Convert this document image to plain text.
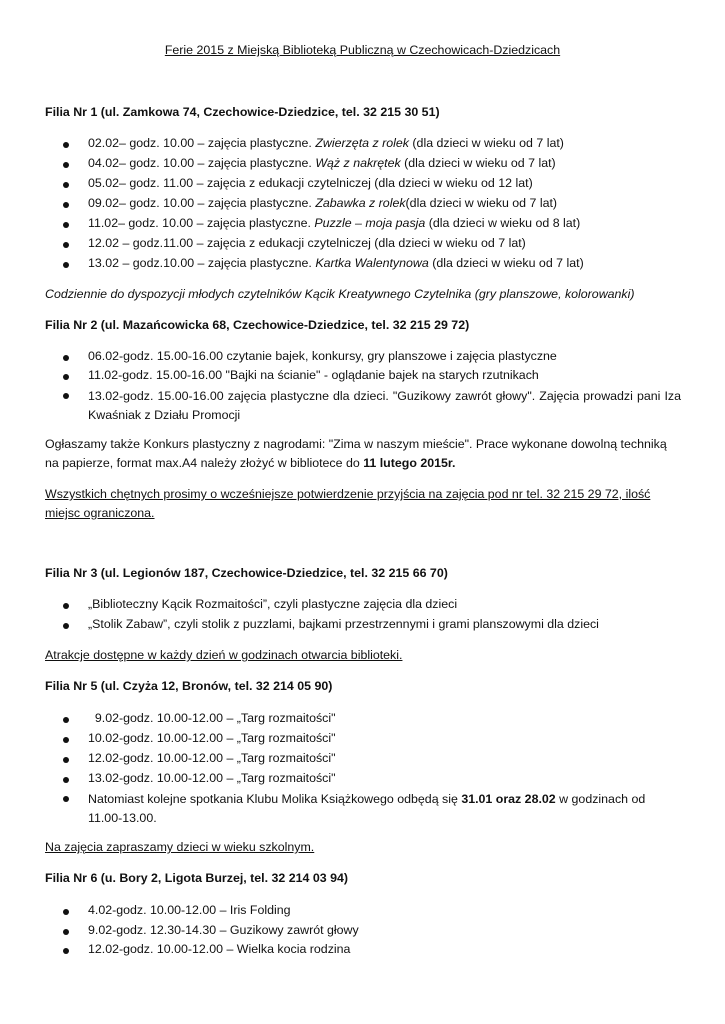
Ferie 2015 z Miejską Biblioteką Publiczną w Czechowicach-Dziedzicach
Filia Nr 1 (ul. Zamkowa 74, Czechowice-Dziedzice, tel. 32 215 30 51)
02.02– godz. 10.00 – zajęcia plastyczne. Zwierzęta z rolek (dla dzieci w wieku od 7 lat)
04.02– godz. 10.00 – zajęcia plastyczne. Wąż z nakrętek (dla dzieci w wieku od 7 lat)
05.02– godz. 11.00 – zajęcia z edukacji czytelniczej (dla dzieci w wieku od 12 lat)
09.02– godz. 10.00 – zajęcia plastyczne. Zabawka z rolek(dla dzieci w wieku od 7 lat)
11.02– godz. 10.00 – zajęcia plastyczne. Puzzle – moja pasja (dla dzieci w wieku od 8 lat)
12.02 – godz.11.00 – zajęcia z edukacji czytelniczej (dla dzieci w wieku od 7 lat)
13.02 – godz.10.00 – zajęcia plastyczne. Kartka Walentynowa (dla dzieci w wieku od 7 lat)
Codziennie do dyspozycji młodych czytelników Kącik Kreatywnego Czytelnika (gry planszowe, kolorowanki)
Filia Nr 2 (ul. Mazańcowicka 68, Czechowice-Dziedzice, tel. 32 215 29 72)
06.02-godz. 15.00-16.00 czytanie bajek, konkursy, gry planszowe i zajęcia plastyczne
11.02-godz. 15.00-16.00 "Bajki na ścianie" - oglądanie bajek na starych rzutnikach
13.02-godz. 15.00-16.00 zajęcia plastyczne dla dzieci. "Guzikowy zawrót głowy". Zajęcia prowadzi pani Iza Kwaśniak z Działu Promocji
Ogłaszamy także Konkurs plastyczny z nagrodami: "Zima w naszym mieście". Prace wykonane dowolną techniką na papierze, format max.A4 należy złożyć w bibliotece do 11 lutego 2015r.
Wszystkich chętnych prosimy o wcześniejsze potwierdzenie przyjścia na zajęcia pod nr tel. 32 215 29 72, ilość miejsc ograniczona.
Filia Nr 3 (ul. Legionów 187, Czechowice-Dziedzice, tel. 32 215 66 70)
„Biblioteczny Kącik Rozmaitości”, czyli plastyczne zajęcia dla dzieci
„Stolik Zabaw”, czyli stolik z puzzlami, bajkami przestrzennymi i grami planszowymi dla dzieci
Atrakcje dostępne w każdy dzień w godzinach otwarcia biblioteki.
Filia Nr 5 (ul. Czyża 12, Bronów, tel. 32 214 05 90)
9.02-godz. 10.00-12.00 – „Targ rozmaitości"
10.02-godz. 10.00-12.00 – „Targ rozmaitości"
12.02-godz. 10.00-12.00 – „Targ rozmaitości"
13.02-godz. 10.00-12.00 – „Targ rozmaitości"
Natomiast kolejne spotkania Klubu Molika Książkowego odbędą się 31.01 oraz 28.02 w godzinach od 11.00-13.00.
Na zajęcia zapraszamy dzieci w wieku szkolnym.
Filia Nr 6 (u. Bory 2, Ligota Burzej, tel. 32 214 03 94)
4.02-godz. 10.00-12.00 – Iris Folding
9.02-godz. 12.30-14.30 – Guzikowy zawrót głowy
12.02-godz. 10.00-12.00 – Wielka kocia rodzina
